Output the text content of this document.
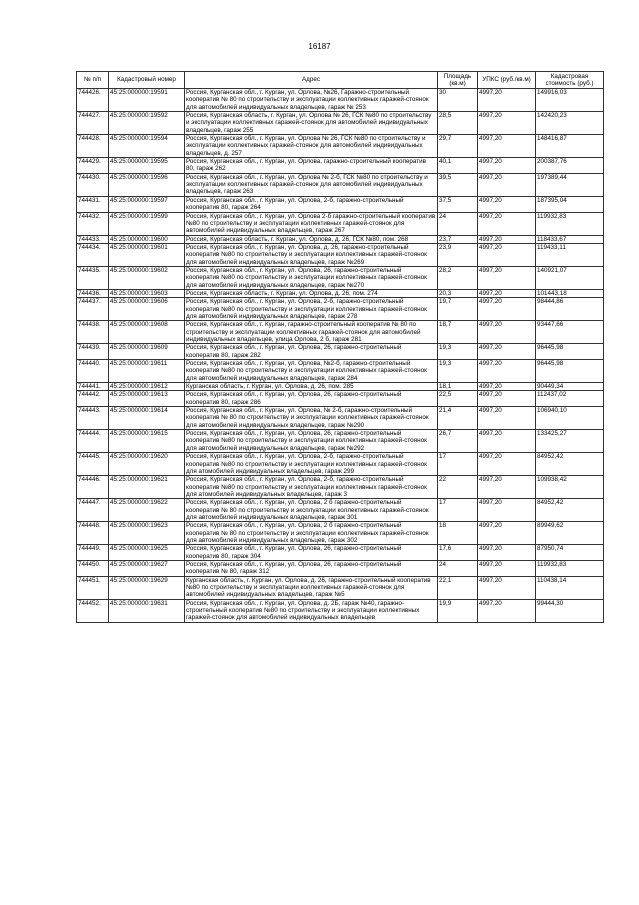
16187
№ п/п	Кадастровый номер	Адрес	Площадь (кв.м)	УПКС (руб./кв.м)	Кадастровая стоимость (руб.)
744426.	45:25:000000:19591	Россия, Курганская обл., г. Курган, ул. Орлова, №26, Гаражно-строительный кооператив № 80 по строительству и эксплуатации коллективных гаражей-стоянок для автомобилей индивидуальных владельцев, гараж № 253	30	4997,20	149916,03
744427.	45:25:000000:19592	Россия, Курганская область, г. Курган, ул. Орлова № 26, ГСК №80 по строительству и эксплуатации коллективных гаражей-стоянок для автомобилей индивидуальных владельцев, гараж 255	28,5	4997,20	142420,23
744428.	45:25:000000:19594	Россия, Курганская обл., г. Курган, ул. Орлова № 26, ГСК №80 по строительству и эксплуатации коллективных гаражей-стоянок для автомобилей индивидуальных владельцев, д. 257	29,7	4997,20	148416,87
744429.	45:25:000000:19595	Россия, Курганская обл., г. Курган, ул. Орлова, гаражно-строительный кооператив 80, гараж 262	40,1	4997,20	200387,76
744430.	45:25:000000:19596	Россия, Курганская обл., г. Курган, ул. Орлова № 2-б, ГСК №80 по строительству и эксплуатации коллективных гаражей-стоянок для автомобилей индивидуальных владельцев, гараж 263	39,5	4997,20	197389,44
744431.	45:25:000000:19597	Россия, Курганская обл., г. Курган, ул. Орлова, 2-б, гаражно-строительный кооператив 80, гараж 264	37,5	4997,20	187395,04
744432.	45:25:000000:19599	Россия, Курганская обл., г. Курган, ул. Орлова 2-б гаражно-строительный кооператив №80 по строительству и эксплуатации коллективных гаражей-стоянок для автомобилей индивидуальных владельцев, гараж 267	24	4997,20	119932,83
744433.	45:25:000000:19600	Россия, Курганская область, г. Курган, ул. Орлова, д. 26, ГСК №80, пом. 268	23,7	4997,20	118433,67
744434.	45:25:000000:19601	Россия, Курганская обл., г. Курган, ул. Орлова, д. 26, гаражно-строительный кооператив №80 по строительству и эксплуатации коллективных гаражей-стоянок для автомобилей индивидуальных владельцев, гараж №269	23,9	4997,20	119433,11
744435.	45:25:000000:19602	Россия, Курганская обл., г. Курган, ул. Орлова, 26, гаражно-строительный кооператив №80 по строительству и эксплуатации коллективных гаражей-стоянок для автомобилей индивидуальных владельцев, гараж №270	28,2	4997,20	140921,07
744436.	45:25:000000:19603	Россия, Курганская область, г. Курган, ул. Орлова, д. 26, пом. 274	20,3	4997,20	101443,18
744437.	45:25:000000:19606	Россия, Курганская обл., г. Курган, ул. Орлова, 2-б, гаражно-строительный кооператив №80 по строительству и эксплуатации коллективных гаражей-стоянок для автомобилей индивидуальных владельцев, гараж 278	19,7	4997,20	98444,86
744438.	45:25:000000:19608	Россия, Курганская обл., г. Курган, гаражно-строительный кооператив № 80 по строительству и эксплуатации коллективных гаражей-стоянок для автомобилей индивидуальных владельцев, улица Орлова, 2 б, гараж 281	18,7	4997,20	93447,66
744439.	45:25:000000:19609	Россия, Курганская обл., г. Курган, ул. Орлова, 26, гаражно-строительный кооператив 80, гараж 282	19,3	4997,20	96445,98
744440.	45:25:000000:19611	Россия, Курганская обл., г. Курган, ул. Орлова, №2-б, гаражно-строительный кооператив №80 по строительству и эксплуатации коллективных гаражей-стоянок для автомобилей индивидуальных владельцев, гараж 284	19,3	4997,20	96445,98
744441.	45:25:000000:19612	Курганская область, г. Курган, ул. Орлова, д. 26, пом. 285	18,1	4997,20	90449,34
744442.	45:25:000000:19613	Россия, Курганская обл., г. Курган, ул. Орлова, 26, гаражно-строительный кооператив 80, гараж 286	22,5	4997,20	112437,02
744443.	45:25:000000:19614	Россия, Курганская обл., г. Курган, ул. Орлова, № 2-б, гаражно-строительный кооператив № 80 по строительству и эксплуатации коллективных гаражей-стоянок для автомобилей индивидуальных владельцев, гараж №290	21,4	4997,20	106940,10
744444.	45:25:000000:19615	Россия, Курганская обл., г. Курган, ул. Орлова, 26, гаражно-строительный кооператив №80 по строительству и эксплуатации коллективных гаражей-стоянок для автомобилей индивидуальных владельцев, гараж №292	26,7	4997,20	133425,27
744445.	45:25:000000:19620	Россия, Курганская обл., г. Курган, ул. Орлова, 2-б, гаражно-строительный кооператив №80 по строительству и эксплуатации коллективных гаражей-стоянок для атомобилей индивидуальных владельцев, гараж 299	17	4997,20	84952,42
744446.	45:25:000000:19621	Россия, Курганская обл., г. Курган, ул. Орлова, 2-б, гаражно-строительный кооператив №80 по строительству и эксплуатации коллективных гаражей-стоянок для атомобилей индивидуальных владельцев, гараж 3	22	4997,20	109938,42
744447.	45:25:000000:19622	Россия, Курганская обл., г. Курган, ул. Орлова, 2 б гаражно-строительный кооператив № 80 по строительству и эксплуатации коллективных гаражей-стоянок для автомобилей индивидуальных владельцев, гараж 301	17	4997,20	84952,42
744448.	45:25:000000:19623	Россия, Курганская обл., г. Курган, ул. Орлова, 2 б гаражно-строительный кооператив № 80 по строительству и эксплуатации коллективных гаражей-стоянок для автомобилей индивидуальных владельцев, гараж 302	18	4997,20	89949,62
744449.	45:25:000000:19625	Россия, Курганская обл., г. Курган, ул. Орлова, 26, гаражно-строительный кооператив 80, гараж 304	17,6	4997,20	87950,74
744450.	45:25:000000:19627	Россия, Курганская обл., г. Курган, ул. Орлова, 26, гаражно-строительный кооператив № 80, гараж 312	24	4997,20	119932,83
744451.	45:25:000000:19629	Курганская область, г. Курган, ул. Орлова, д. 26, гаражно-строительный кооператив №80 по строительству и эксплуатации коллективных гаражей-стоянок для автомобилей индивидуальных владельцев, гараж №5	22,1	4997,20	110438,14
744452.	45:25:000000:19631	Россия, Курганская обл., г. Курган, ул. Орлова, д. 2Б, гараж №40, гаражно-строительный кооператив №80 по строительству и эксплуатации коллективных гаражей-стоянок для автомобилей индивидуальных владельцев	19,9	4997,20	99444,30
